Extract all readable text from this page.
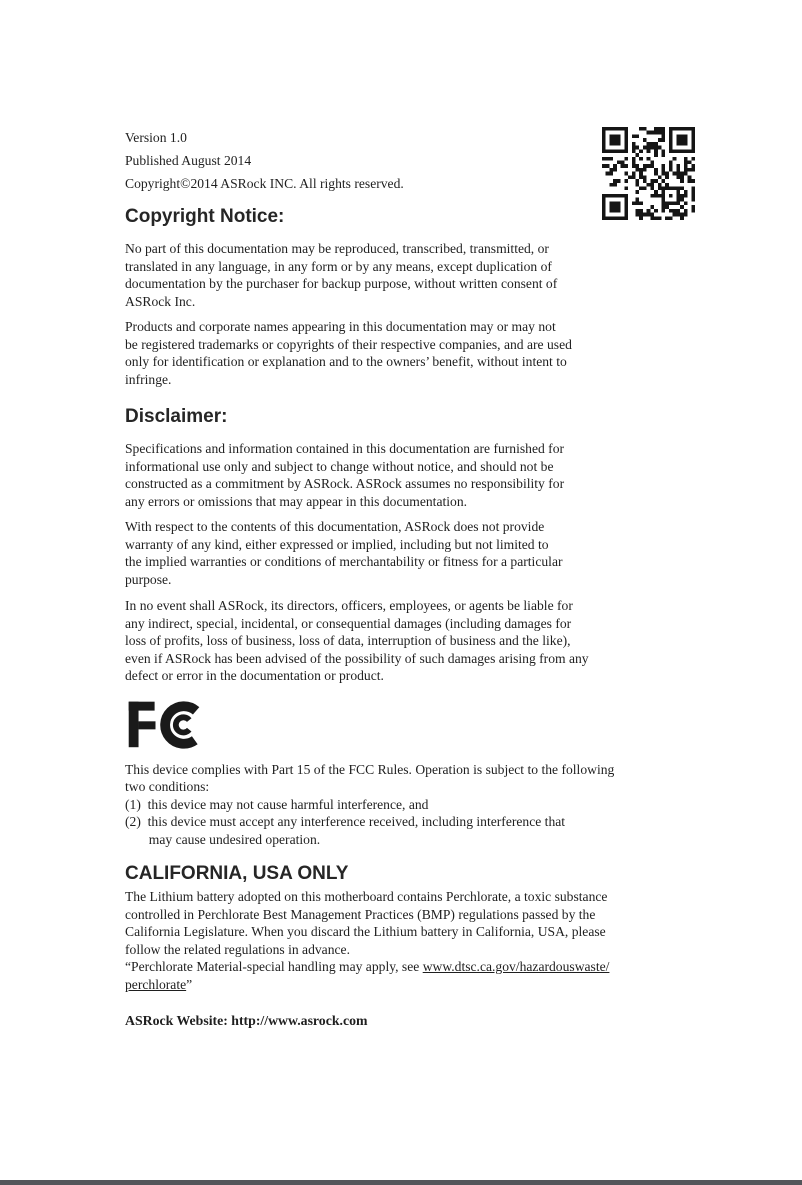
Version 1.0
Published August 2014
Copyright©2014 ASRock INC. All rights reserved.
Copyright Notice:

No part of this documentation may be reproduced, transcribed, transmitted, or
translated in any language, in any form or by any means, except duplication of
documentation by the purchaser for backup purpose, without written consent of
ASRock Inc.

Products and corporate names appearing in this documentation may or may not
be registered trademarks or copyrights of their respective companies, and are used
only for identification or explanation and to the owners’ benefit, without intent to
infringe.

Disclaimer:

Specifications and information contained in this documentation are furnished for
informational use only and subject to change without notice, and should not be
constructed as a commitment by ASRock. ASRock assumes no responsibility for
any errors or omissions that may appear in this documentation.

With respect to the contents of this documentation, ASRock does not provide
warranty of any kind, either expressed or implied, including but not limited to
the implied warranties or conditions of merchantability or fitness for a particular
purpose.

In no event shall ASRock, its directors, officers, employees, or agents be liable for
any indirect, special, incidental, or consequential damages (including damages for
loss of profits, loss of business, loss of data, interruption of business and the like),
even if ASRock has been advised of the possibility of such damages arising from any
defect or error in the documentation or product.

This device complies with Part 15 of the FCC Rules. Operation is subject to the following
two conditions:
(1)  this device may not cause harmful interference, and
(2)  this device must accept any interference received, including interference that
may cause undesired operation.

CALIFORNIA, USA ONLY

The Lithium battery adopted on this motherboard contains Perchlorate, a toxic substance
controlled in Perchlorate Best Management Practices (BMP) regulations passed by the
California Legislature. When you discard the Lithium battery in California, USA, please
follow the related regulations in advance.
“Perchlorate Material-special handling may apply, see www.dtsc.ca.gov/hazardouswaste/
perchlorate”

ASRock Website: http://www.asrock.com
